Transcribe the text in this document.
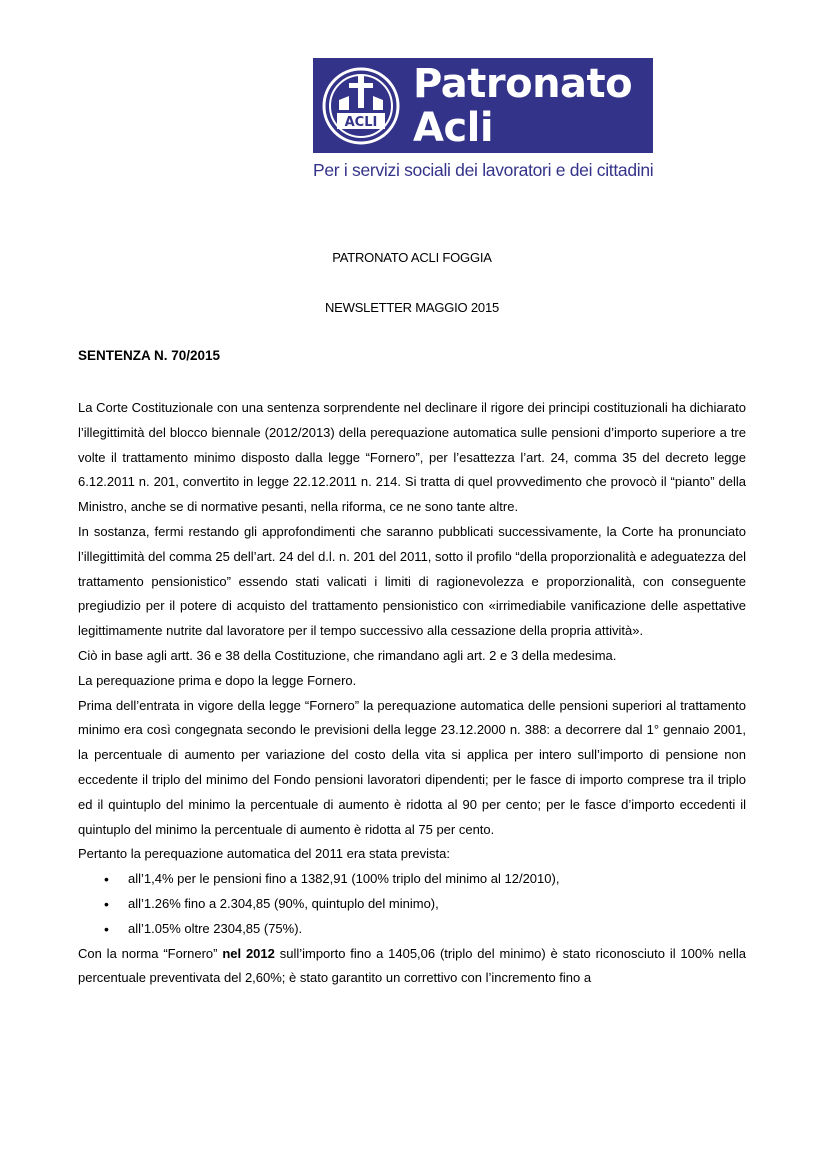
ACLI
Patronato
Acli
Per i servizi sociali dei lavoratori e dei cittadini
PATRONATO ACLI FOGGIA
NEWSLETTER MAGGIO 2015
SENTENZA N. 70/2015

La Corte Costituzionale con una sentenza sorprendente nel declinare il rigore dei principi costituzionali ha dichiarato l’illegittimità del blocco biennale (2012/2013) della perequazione automatica sulle pensioni d’importo superiore a tre volte il trattamento minimo disposto dalla legge “Fornero”, per l’esattezza l’art. 24, comma 35 del decreto legge 6.12.2011 n. 201, convertito in legge 22.12.2011 n. 214. Si tratta di quel provvedimento che provocò il “pianto” della Ministro, anche se di normative pesanti, nella riforma, ce ne sono tante altre.

In sostanza, fermi restando gli approfondimenti che saranno pubblicati successivamente, la Corte ha pronunciato l’illegittimità del comma 25 dell’art. 24 del d.l. n. 201 del 2011, sotto il profilo “della proporzionalità e adeguatezza del trattamento pensionistico” essendo stati valicati i limiti di ragionevolezza e proporzionalità, con conseguente pregiudizio per il potere di acquisto del trattamento pensionistico con «irrimediabile vanificazione delle aspettative legittimamente nutrite dal lavoratore per il tempo successivo alla cessazione della propria attività».

Ciò in base agli artt. 36 e 38 della Costituzione, che rimandano agli art. 2 e 3 della medesima.

La perequazione prima e dopo la legge Fornero.

Prima dell’entrata in vigore della legge “Fornero” la perequazione automatica delle pensioni superiori al trattamento minimo era così congegnata secondo le previsioni della legge 23.12.2000 n. 388: a decorrere dal 1° gennaio 2001, la percentuale di aumento per variazione del costo della vita si applica per intero sull’importo di pensione non eccedente il triplo del minimo del Fondo pensioni lavoratori dipendenti; per le fasce di importo comprese tra il triplo ed il quintuplo del minimo la percentuale di aumento è ridotta al 90 per cento; per le fasce d’importo eccedenti il quintuplo del minimo la percentuale di aumento è ridotta al 75 per cento.

Pertanto la perequazione automatica del 2011 era stata prevista:

• all’1,4% per le pensioni fino a 1382,91 (100% triplo del minimo al 12/2010),
• all’1.26% fino a 2.304,85 (90%, quintuplo del minimo),
• all’1.05% oltre 2304,85 (75%).

Con la norma “Fornero” nel 2012 sull’importo fino a 1405,06 (triplo del minimo) è stato riconosciuto il 100% nella percentuale preventivata del 2,60%; è stato garantito un correttivo con l’incremento fino a
